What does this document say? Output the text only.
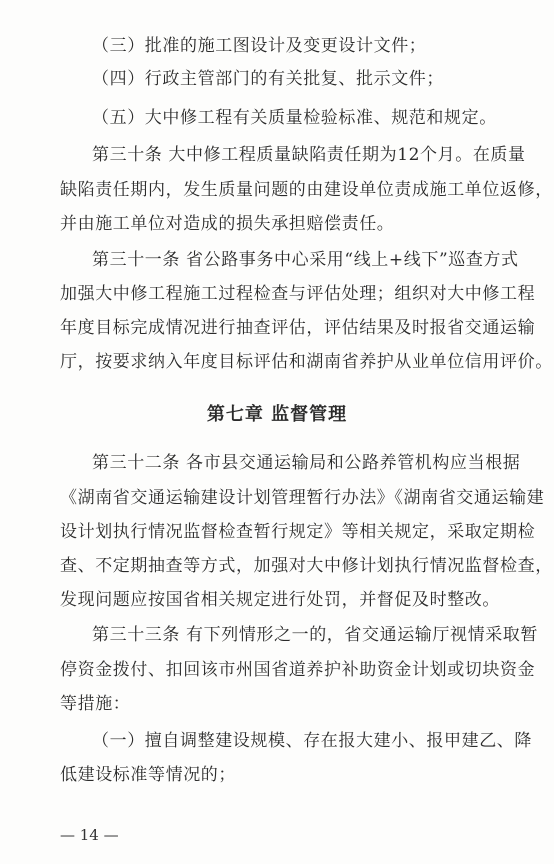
（三）批准的施工图设计及变更设计文件；
（四）行政主管部门的有关批复、批示文件；
（五）大中修工程有关质量检验标准、规范和规定。
第三十条 大中修工程质量缺陷责任期为12个月。在质量
缺陷责任期内，发生质量问题的由建设单位责成施工单位返修，
并由施工单位对造成的损失承担赔偿责任。
第三十一条 省公路事务中心采用“线上+线下”巡查方式
加强大中修工程施工过程检查与评估处理；组织对大中修工程
年度目标完成情况进行抽查评估，评估结果及时报省交通运输
厅，按要求纳入年度目标评估和湖南省养护从业单位信用评价。
第七章 监督管理
第三十二条 各市县交通运输局和公路养管机构应当根据
《湖南省交通运输建设计划管理暂行办法》《湖南省交通运输建
设计划执行情况监督检查暂行规定》等相关规定，采取定期检
查、不定期抽查等方式，加强对大中修计划执行情况监督检查，
发现问题应按国省相关规定进行处罚，并督促及时整改。
第三十三条 有下列情形之一的，省交通运输厅视情采取暂
停资金拨付、扣回该市州国省道养护补助资金计划或切块资金
等措施：
（一）擅自调整建设规模、存在报大建小、报甲建乙、降
低建设标准等情况的；
— 14 —
